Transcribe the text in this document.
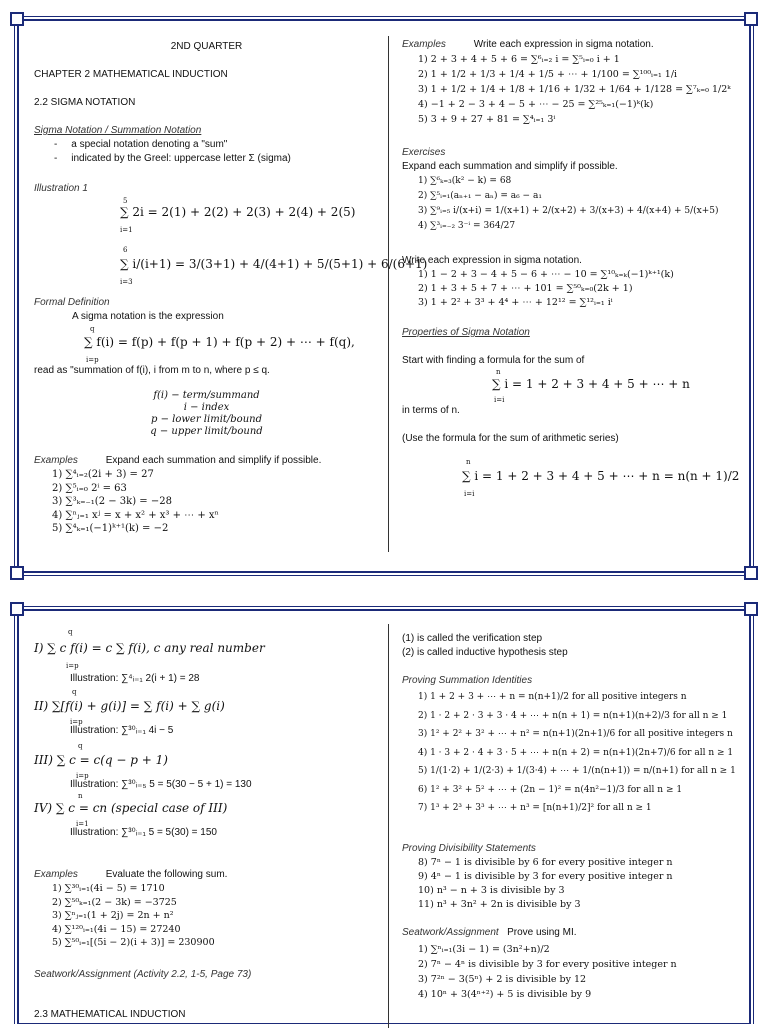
2ND QUARTER
CHAPTER 2 MATHEMATICAL INDUCTION
2.2 SIGMA NOTATION
Sigma Notation / Summation Notation
-     a special notation denoting a "sum"
-     indicated by the Greel: uppercase letter Σ (sigma)
Illustration 1
5
∑ 2i = 2(1) + 2(2) + 2(3) + 2(4) + 2(5)
i=1
6
∑ i/(i+1) = 3/(3+1) + 4/(4+1) + 5/(5+1) + 6/(6+1)
i=3
Formal Definition
A sigma notation is the expression
q
∑ f(i) = f(p) + f(p + 1) + f(p + 2) + ⋯ + f(q),
i=p
read as "summation of f(i), i from m to n, where p ≤ q.
f(i) − term/summand
i − index
p − lower limit/bound
q − upper limit/bound
Examples	Expand each summation and simplify if possible.
1) ∑⁴ᵢ₌₂(2i + 3) = 27
2) ∑⁵ᵢ₌₀ 2ⁱ = 63
3) ∑³ₖ₌₋₁(2 − 3k) = −28
4) ∑ⁿⱼ₌₁ xʲ = x + x² + x³ + ⋯ + xⁿ
5) ∑⁴ₖ₌₁(−1)ᵏ⁺¹(k) = −2
Examples	Write each expression in sigma notation.
1) 2 + 3 + 4 + 5 + 6 = ∑⁶ᵢ₌₂ i = ∑⁵ᵢ₌₀ i + 1
2) 1 + 1/2 + 1/3 + 1/4 + 1/5 + ⋯ + 1/100 = ∑¹⁰⁰ᵢ₌₁ 1/i
3) 1 + 1/2 + 1/4 + 1/8 + 1/16 + 1/32 + 1/64 + 1/128 = ∑⁷ₖ₌₀ 1/2ᵏ
4) −1 + 2 − 3 + 4 − 5 + ⋯ − 25 = ∑²⁵ₖ₌₁(−1)ᵏ(k)
5) 3 + 9 + 27 + 81 = ∑⁴ᵢ₌₁ 3ⁱ
Exercises
Expand each summation and simplify if possible.
1) ∑⁶ₖ₌₃(k² − k) = 68
2) ∑⁵ᵢ₌₁(aₙ₊₁ − aₙ) = a₆ − a₁
3) ∑⁹ᵢ₌₅ i/(x+i) = 1/(x+1) + 2/(x+2) + 3/(x+3) + 4/(x+4) + 5/(x+5)
4) ∑³ᵢ₌₋₂ 3⁻ⁱ = 364/27
Write each expression in sigma notation.
1) 1 − 2 + 3 − 4 + 5 − 6 + ⋯ − 10 = ∑¹⁰ₖ₌ₖ(−1)ᵏ⁺¹(k)
2) 1 + 3 + 5 + 7 + ⋯ + 101 = ∑⁵⁰ₖ₌₀(2k + 1)
3) 1 + 2² + 3³ + 4⁴ + ⋯ + 12¹² = ∑¹²ᵢ₌₁ iⁱ
Properties of Sigma Notation
Start with finding a formula for the sum of
n
∑ i = 1 + 2 + 3 + 4 + 5 + ⋯ + n
i=i
in terms of n.
(Use the formula for the sum of arithmetic series)
n
∑ i = 1 + 2 + 3 + 4 + 5 + ⋯ + n = n(n + 1)/2
i=i
q
I) ∑ c f(i) = c ∑ f(i), c any real number
i=p
Illustration: ∑⁴ᵢ₌₁ 2(i + 1) = 28
q
II) ∑[f(i) + g(i)] = ∑ f(i) + ∑ g(i)
i=p
Illustration: ∑³⁰ᵢ₌₁ 4i − 5
q
III) ∑ c = c(q − p + 1)
i=p
Illustration: ∑³⁰ᵢ₌₅ 5 = 5(30 − 5 + 1) = 130
n
IV) ∑ c = cn (special case of III)
i=1
Illustration: ∑³⁰ᵢ₌₁ 5 = 5(30) = 150
Examples	Evaluate the following sum.
1) ∑³⁰ᵢ₌₁(4i − 5) = 1710
2) ∑⁵⁰ₖ₌₁(2 − 3k) = −3725
3) ∑ⁿⱼ₌₁(1 + 2j) = 2n + n²
4) ∑¹²⁰ᵢ₌₁(4i − 15) = 27240
5) ∑⁵⁰ᵢ₌₁[(5i − 2)(i + 3)] = 230900
Seatwork/Assignment (Activity 2.2, 1-5, Page 73)
2.3 MATHEMATICAL INDUCTION
(1) is called the verification step
(2) is called inductive hypothesis step
Proving Summation Identities
1) 1 + 2 + 3 + ⋯ + n = n(n+1)/2 for all positive integers n
2) 1 · 2 + 2 · 3 + 3 · 4 + ⋯ + n(n + 1) = n(n+1)(n+2)/3 for all n ≥ 1
3) 1² + 2² + 3² + ⋯ + n² = n(n+1)(2n+1)/6 for all positive integers n
4) 1 · 3 + 2 · 4 + 3 · 5 + ⋯ + n(n + 2) = n(n+1)(2n+7)/6 for all n ≥ 1
5) 1/(1·2) + 1/(2·3) + 1/(3·4) + ⋯ + 1/(n(n+1)) = n/(n+1) for all n ≥ 1
6) 1² + 3² + 5² + ⋯ + (2n − 1)² = n(4n²−1)/3 for all n ≥ 1
7) 1³ + 2³ + 3³ + ⋯ + n³ = [n(n+1)/2]² for all n ≥ 1
Proving Divisibility Statements
8) 7ⁿ − 1 is divisible by 6 for every positive integer n
9) 4ⁿ − 1 is divisible by 3 for every positive integer n
10) n³ − n + 3 is divisible by 3
11) n³ + 3n² + 2n is divisible by 3
Seatwork/Assignment Prove using MI.
1) ∑ⁿᵢ₌₁(3i − 1) = (3n²+n)/2
2) 7ⁿ − 4ⁿ is divisible by 3 for every positive integer n
3) 7²ⁿ − 3(5ⁿ) + 2 is divisible by 12
4) 10ⁿ + 3(4ⁿ⁺²) + 5 is divisible by 9
